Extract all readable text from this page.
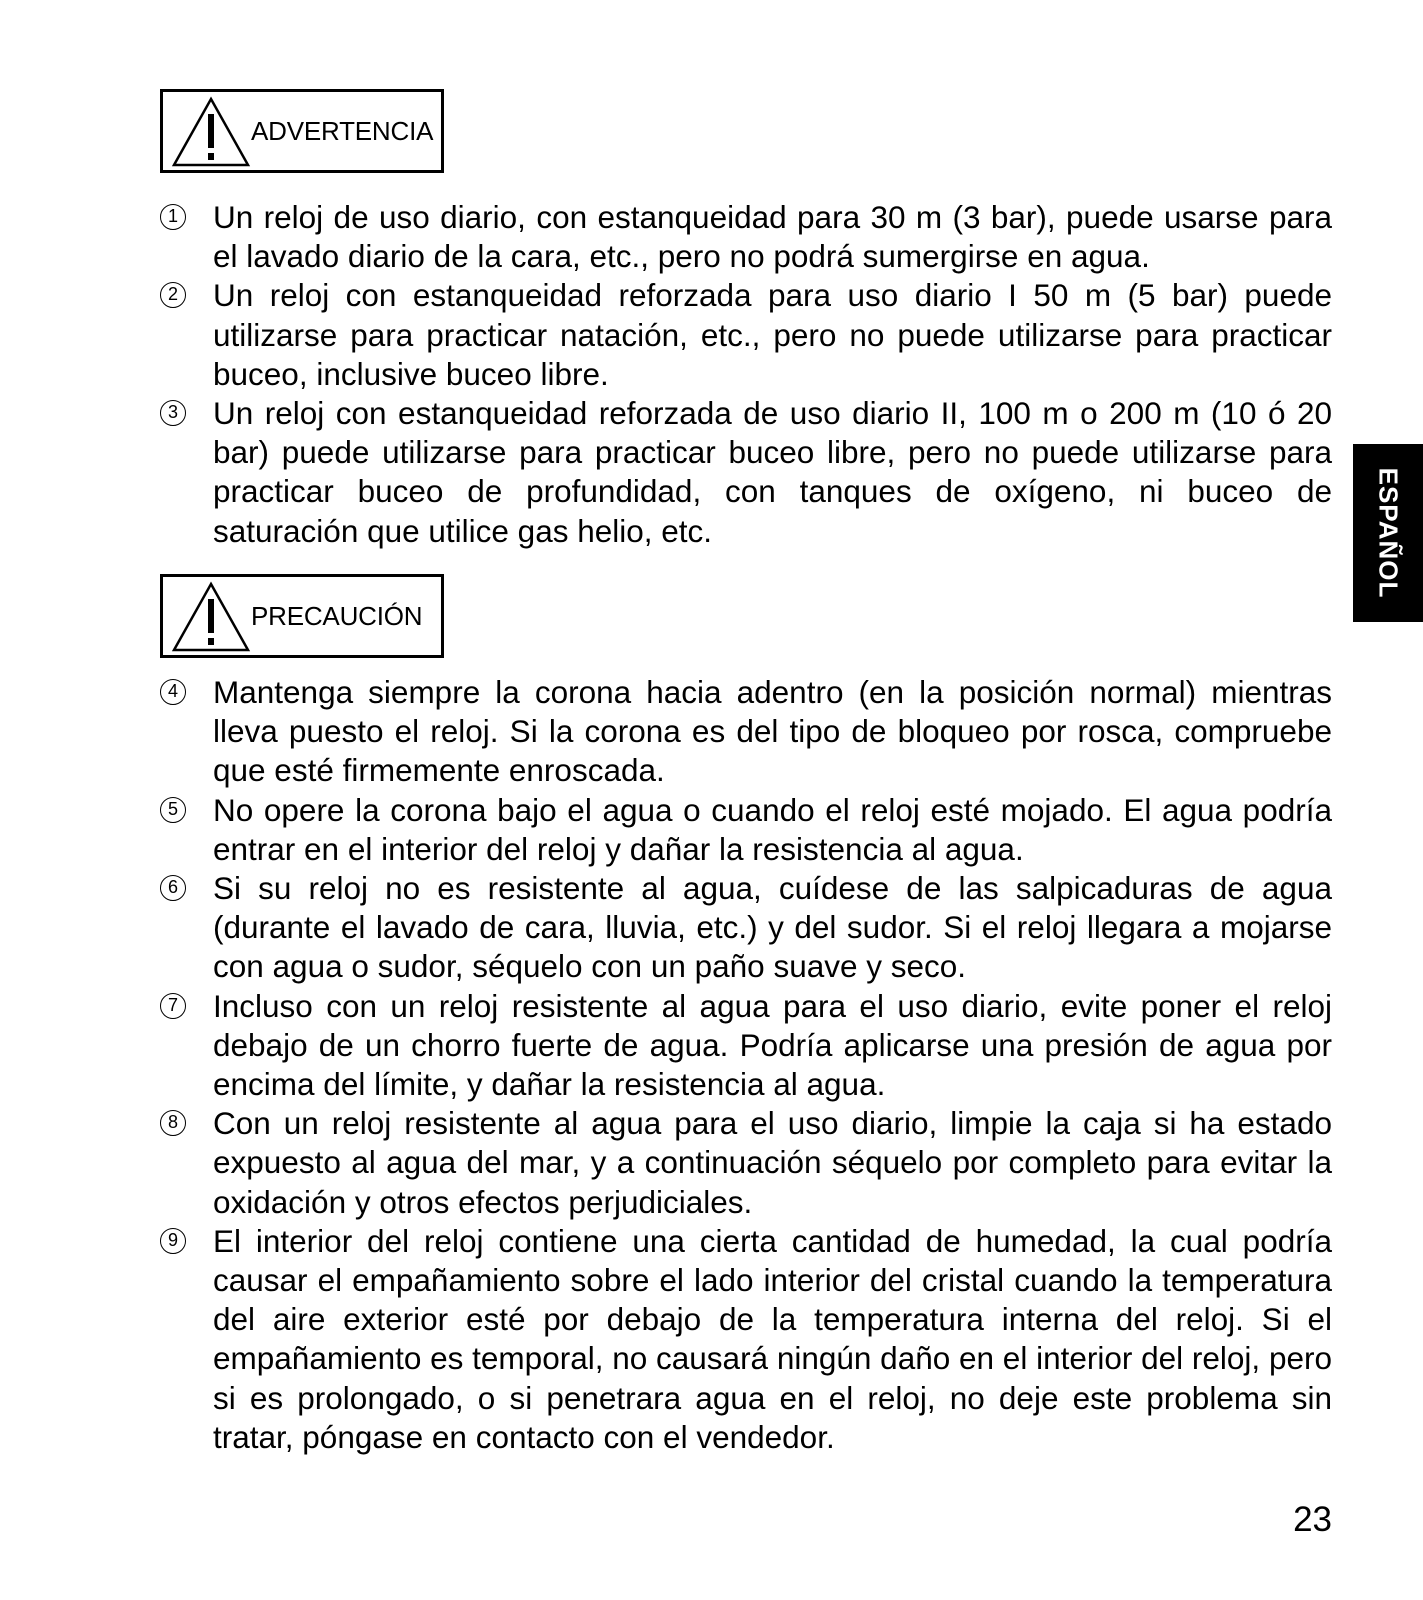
ADVERTENCIA
1 Un reloj de uso diario, con estanqueidad para 30 m (3 bar), puede usarse para el lavado diario de la cara, etc., pero no podrá sumergirse en agua.
2 Un reloj con estanqueidad reforzada para uso diario I 50 m (5 bar) puede utilizarse para practicar natación, etc., pero no puede utilizarse para practicar buceo, inclusive buceo libre.
3 Un reloj con estanqueidad reforzada de uso diario II, 100 m o 200 m (10 ó 20 bar) puede utilizarse para practicar buceo libre, pero no puede utilizarse para practicar buceo de profundidad, con tanques de oxígeno, ni buceo de saturación que utilice gas helio, etc.
PRECAUCIÓN
4 Mantenga siempre la corona hacia adentro (en la posición normal) mientras lleva puesto el reloj. Si la corona es del tipo de bloqueo por rosca, compruebe que esté firmemente enroscada.
5 No opere la corona bajo el agua o cuando el reloj esté mojado. El agua podría entrar en el interior del reloj y dañar la resistencia al agua.
6 Si su reloj no es resistente al agua, cuídese de las salpicaduras de agua (durante el lavado de cara, lluvia, etc.) y del sudor. Si el reloj llegara a mojarse con agua o sudor, séquelo con un paño suave y seco.
7 Incluso con un reloj resistente al agua para el uso diario, evite poner el reloj debajo de un chorro fuerte de agua. Podría aplicarse una presión de agua por encima del límite, y dañar la resistencia al agua.
8 Con un reloj resistente al agua para el uso diario, limpie la caja si ha estado expuesto al agua del mar, y a continuación séquelo por completo para evitar la oxidación y otros efectos perjudiciales.
9 El interior del reloj contiene una cierta cantidad de humedad, la cual podría causar el empañamiento sobre el lado interior del cristal cuando la temperatura del aire exterior esté por debajo de la temperatura interna del reloj. Si el empañamiento es temporal, no causará ningún daño en el interior del reloj, pero si es prolongado, o si penetrara agua en el reloj, no deje este problema sin tratar, póngase en contacto con el vendedor.
ESPAÑOL
23
